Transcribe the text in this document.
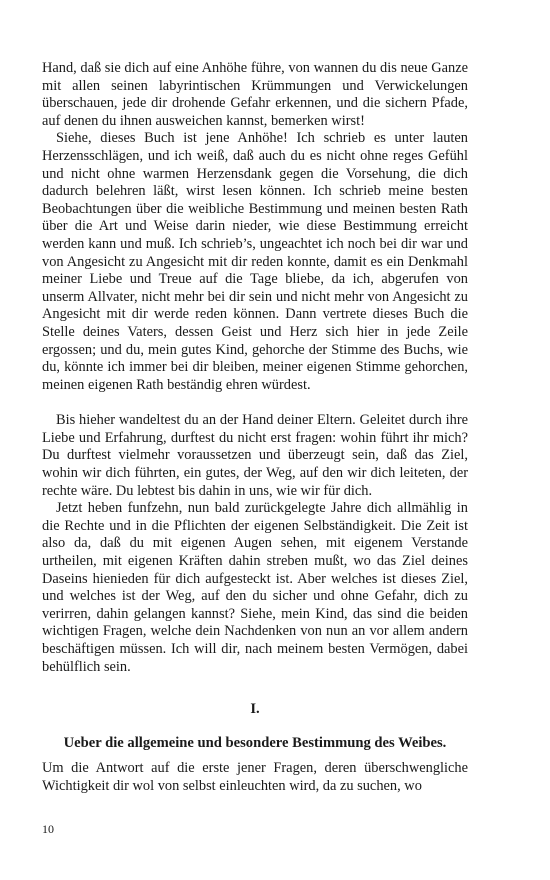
Hand, daß sie dich auf eine Anhöhe führe, von wannen du dis neue Ganze mit allen seinen labyrintischen Krümmungen und Verwickelungen überschauen, jede dir drohende Gefahr erkennen, und die sichern Pfade, auf denen du ihnen ausweichen kannst, bemerken wirst!

Siehe, dieses Buch ist jene Anhöhe! Ich schrieb es unter lauten Herzensschlägen, und ich weiß, daß auch du es nicht ohne reges Gefühl und nicht ohne warmen Herzensdank gegen die Vorsehung, die dich dadurch belehren läßt, wirst lesen können. Ich schrieb meine besten Beobachtungen über die weibliche Bestimmung und meinen besten Rath über die Art und Weise darin nieder, wie diese Bestimmung erreicht werden kann und muß. Ich schrieb’s, ungeachtet ich noch bei dir war und von Angesicht zu Angesicht mit dir reden konnte, damit es ein Denkmahl meiner Liebe und Treue auf die Tage bliebe, da ich, abgerufen von unserm Allvater, nicht mehr bei dir sein und nicht mehr von Angesicht zu Angesicht mit dir werde reden können. Dann vertrete dieses Buch die Stelle deines Vaters, dessen Geist und Herz sich hier in jede Zeile ergossen; und du, mein gutes Kind, gehorche der Stimme des Buchs, wie du, könnte ich immer bei dir bleiben, meiner eigenen Stimme gehorchen, meinen eigenen Rath beständig ehren würdest.

Bis hieher wandeltest du an der Hand deiner Eltern. Geleitet durch ihre Liebe und Erfahrung, durftest du nicht erst fragen: wohin führt ihr mich? Du durftest vielmehr voraussetzen und überzeugt sein, daß das Ziel, wohin wir dich führten, ein gutes, der Weg, auf den wir dich leiteten, der rechte wäre. Du lebtest bis dahin in uns, wie wir für dich.

Jetzt heben funfzehn, nun bald zurückgelegte Jahre dich allmählig in die Rechte und in die Pflichten der eigenen Selbständigkeit. Die Zeit ist also da, daß du mit eigenen Augen sehen, mit eigenem Verstande urtheilen, mit eigenen Kräften dahin streben mußt, wo das Ziel deines Daseins hienieden für dich aufgesteckt ist. Aber welches ist dieses Ziel, und welches ist der Weg, auf den du sicher und ohne Gefahr, dich zu verirren, dahin gelangen kannst? Siehe, mein Kind, das sind die beiden wichtigen Fragen, welche dein Nachdenken von nun an vor allem andern beschäftigen müssen. Ich will dir, nach meinem besten Vermögen, dabei behülflich sein.

I.
Ueber die allgemeine und besondere Bestimmung des Weibes.

Um die Antwort auf die erste jener Fragen, deren überschwengliche Wichtigkeit dir wol von selbst einleuchten wird, da zu suchen, wo

10
